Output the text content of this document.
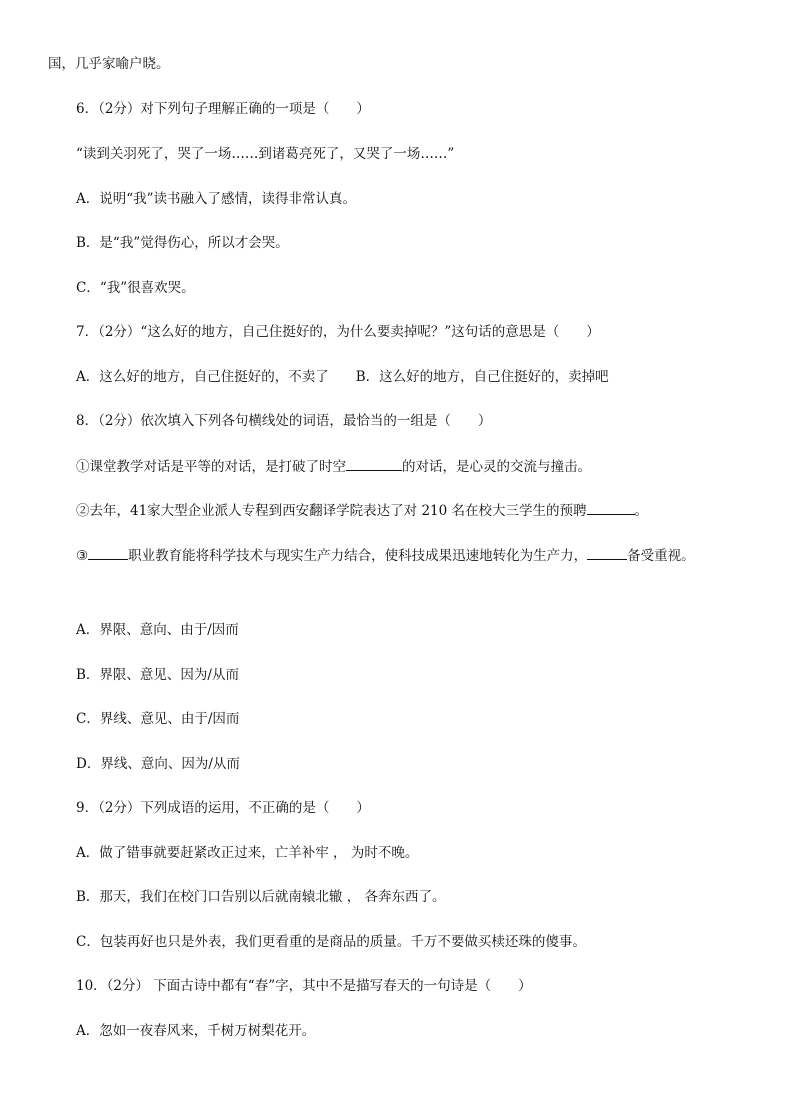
国，几乎家喻户晓。
6．（2分）对下列句子理解正确的一项是（　　）
“读到关羽死了，哭了一场……到诸葛亮死了，又哭了一场……”
A．说明“我”读书融入了感情，读得非常认真。
B．是“我”觉得伤心，所以才会哭。
C．“我”很喜欢哭。
7．（2分）“这么好的地方，自己住挺好的，为什么要卖掉呢？”这句话的意思是（　　）
A．这么好的地方，自己住挺好的，不卖了　　B．这么好的地方，自己住挺好的，卖掉吧
8．（2分）依次填入下列各句横线处的词语，最恰当的一组是（　　）
①课堂教学对话是平等的对话，是打破了时空	的对话，是心灵的交流与撞击。
②去年，41家大型企业派人专程到西安翻译学院表达了对 210 名在校大三学生的预聘	。
③	职业教育能将科学技术与现实生产力结合，使科技成果迅速地转化为生产力，	备受重视。
A．界限、意向、由于/因而
B．界限、意见、因为/从而
C．界线、意见、由于/因而
D．界线、意向、因为/从而
9．（2分）下列成语的运用，不正确的是（　　）
A．做了错事就要赶紧改正过来，亡羊补牢 ， 为时不晚。
B．那天，我们在校门口告别以后就南辕北辙 ， 各奔东西了。
C．包装再好也只是外表，我们更看重的是商品的质量。千万不要做买椟还珠的傻事。
10．（2分） 下面古诗中都有“春”字，其中不是描写春天的一句诗是（　　）
A．忽如一夜春风来，千树万树梨花开。
